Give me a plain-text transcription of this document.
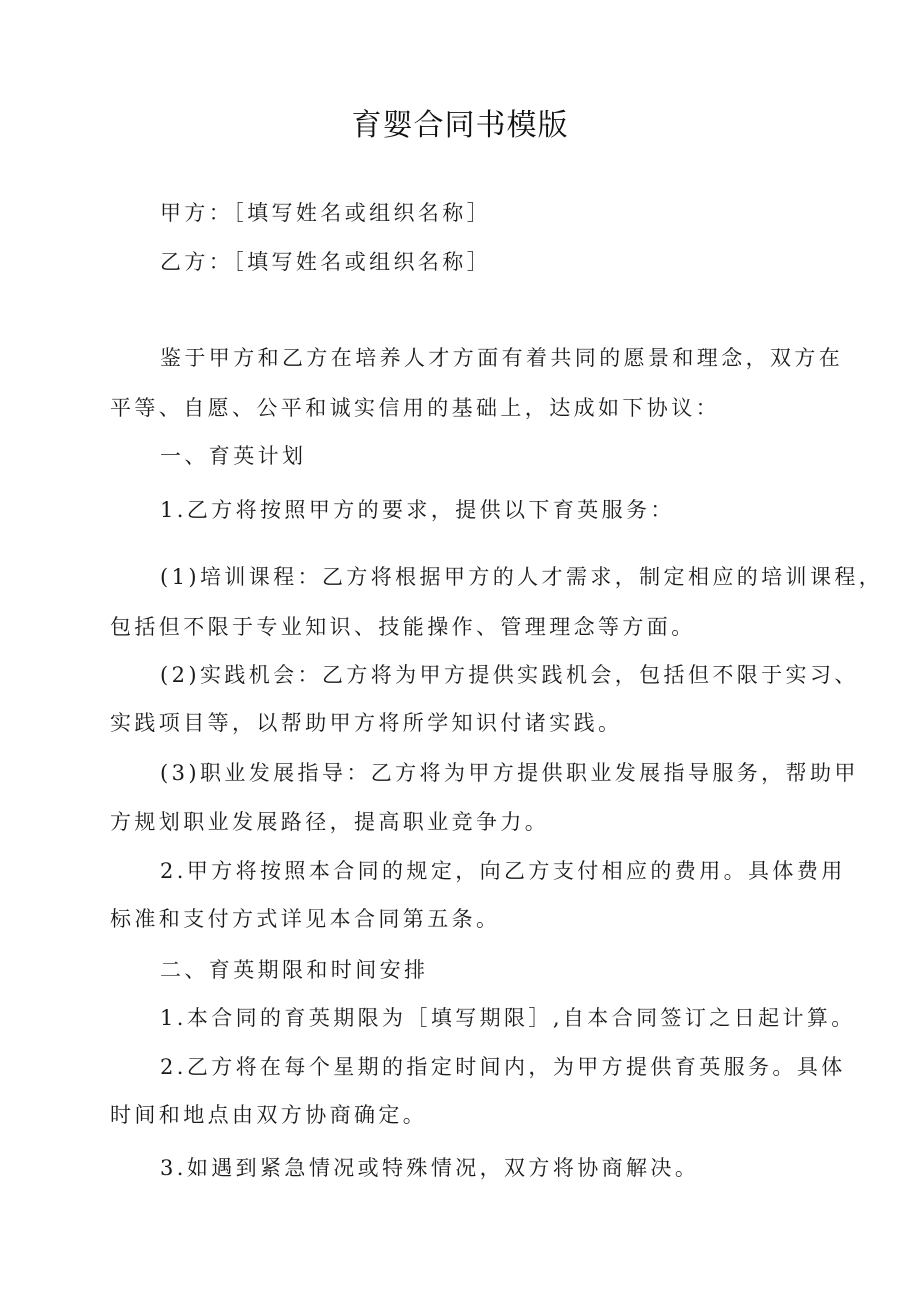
育婴合同书模版
甲方：［填写姓名或组织名称］
乙方：［填写姓名或组织名称］
鉴于甲方和乙方在培养人才方面有着共同的愿景和理念，双方在
平等、自愿、公平和诚实信用的基础上，达成如下协议：
一、育英计划
1.乙方将按照甲方的要求，提供以下育英服务：
(1)培训课程：乙方将根据甲方的人才需求，制定相应的培训课程，
包括但不限于专业知识、技能操作、管理理念等方面。
(2)实践机会：乙方将为甲方提供实践机会，包括但不限于实习、
实践项目等，以帮助甲方将所学知识付诸实践。
(3)职业发展指导：乙方将为甲方提供职业发展指导服务，帮助甲
方规划职业发展路径，提高职业竞争力。
2.甲方将按照本合同的规定，向乙方支付相应的费用。具体费用
标准和支付方式详见本合同第五条。
二、育英期限和时间安排
1.本合同的育英期限为［填写期限］,自本合同签订之日起计算。
2.乙方将在每个星期的指定时间内，为甲方提供育英服务。具体
时间和地点由双方协商确定。
3.如遇到紧急情况或特殊情况，双方将协商解决。
